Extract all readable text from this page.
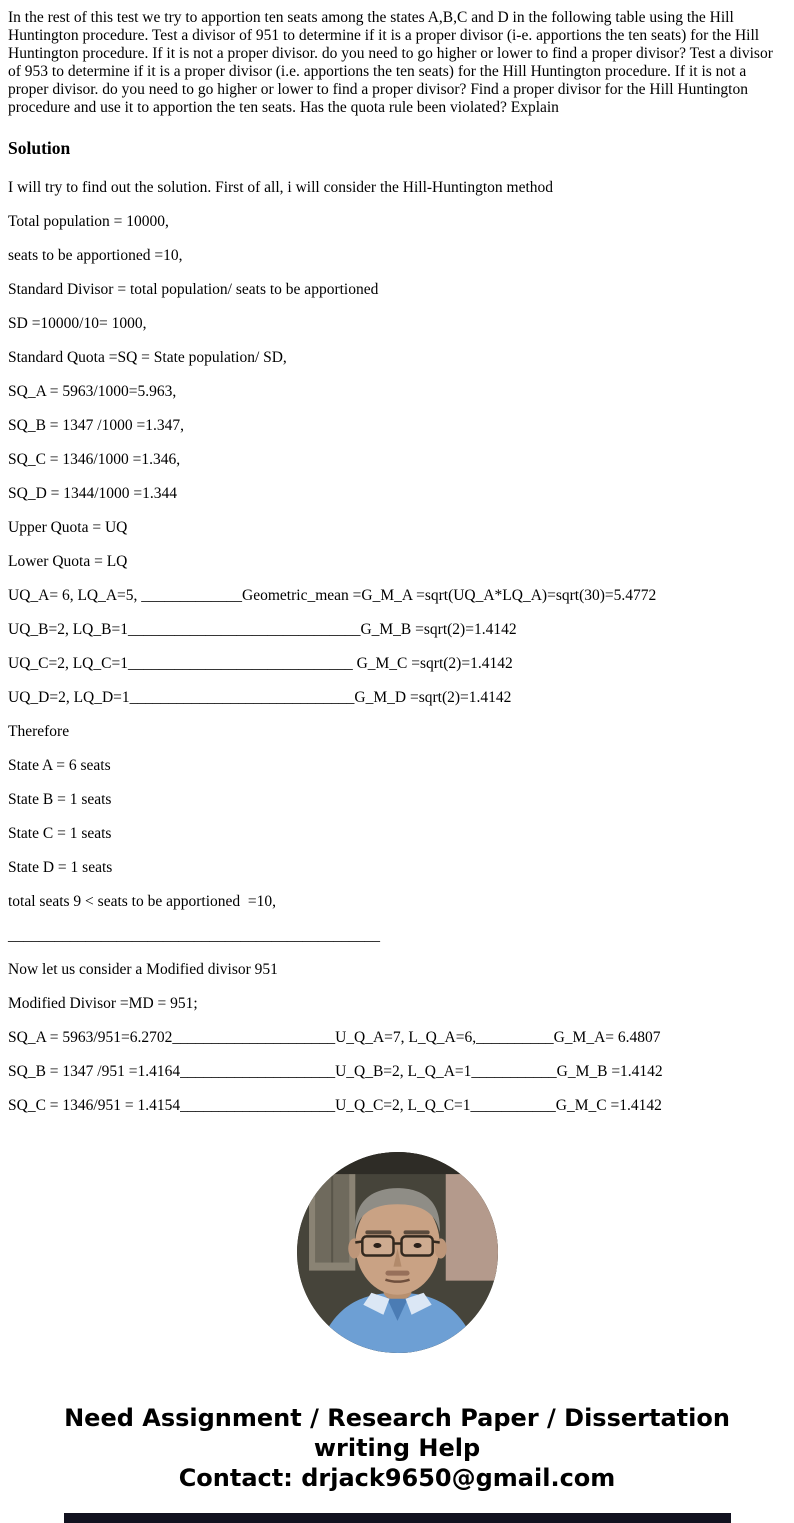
In the rest of this test we try to apportion ten seats among the states A,B,C and D in the following table using the Hill Huntington procedure. Test a divisor of 951 to determine if it is a proper divisor (i-e. apportions the ten seats) for the Hill Huntington procedure. If it is not a proper divisor. do you need to go higher or lower to find a proper divisor? Test a divisor of 953 to determine if it is a proper divisor (i.e. apportions the ten seats) for the Hill Huntington procedure. If it is not a proper divisor. do you need to go higher or lower to find a proper divisor? Find a proper divisor for the Hill Huntington procedure and use it to apportion the ten seats. Has the quota rule been violated? Explain

Solution

I will try to find out the solution. First of all, i will consider the Hill-Huntington method

Total population = 10000,

seats to be apportioned =10,

Standard Divisor = total population/ seats to be apportioned

SD =10000/10= 1000,

Standard Quota =SQ = State population/ SD,

SQ_A = 5963/1000=5.963,

SQ_B = 1347 /1000 =1.347,

SQ_C = 1346/1000 =1.346,

SQ_D = 1344/1000 =1.344

Upper Quota = UQ

Lower Quota = LQ

UQ_A= 6, LQ_A=5, _____________Geometric_mean =G_M_A =sqrt(UQ_A*LQ_A)=sqrt(30)=5.4772

UQ_B=2, LQ_B=1______________________________G_M_B =sqrt(2)=1.4142

UQ_C=2, LQ_C=1_____________________________ G_M_C =sqrt(2)=1.4142

UQ_D=2, LQ_D=1_____________________________G_M_D =sqrt(2)=1.4142

Therefore

State A = 6 seats

State B = 1 seats

State C = 1 seats

State D = 1 seats

total seats 9 < seats to be apportioned  =10,

________________________________________________

Now let us consider a Modified divisor 951

Modified Divisor =MD = 951;

SQ_A = 5963/951=6.2702_____________________U_Q_A=7, L_Q_A=6,__________G_M_A= 6.4807

SQ_B = 1347 /951 =1.4164____________________U_Q_B=2, L_Q_A=1___________G_M_B =1.4142

SQ_C = 1346/951 = 1.4154____________________U_Q_C=2, L_Q_C=1___________G_M_C =1.4142

Need Assignment / Research Paper / Dissertation writing Help
Contact: drjack9650@gmail.com
